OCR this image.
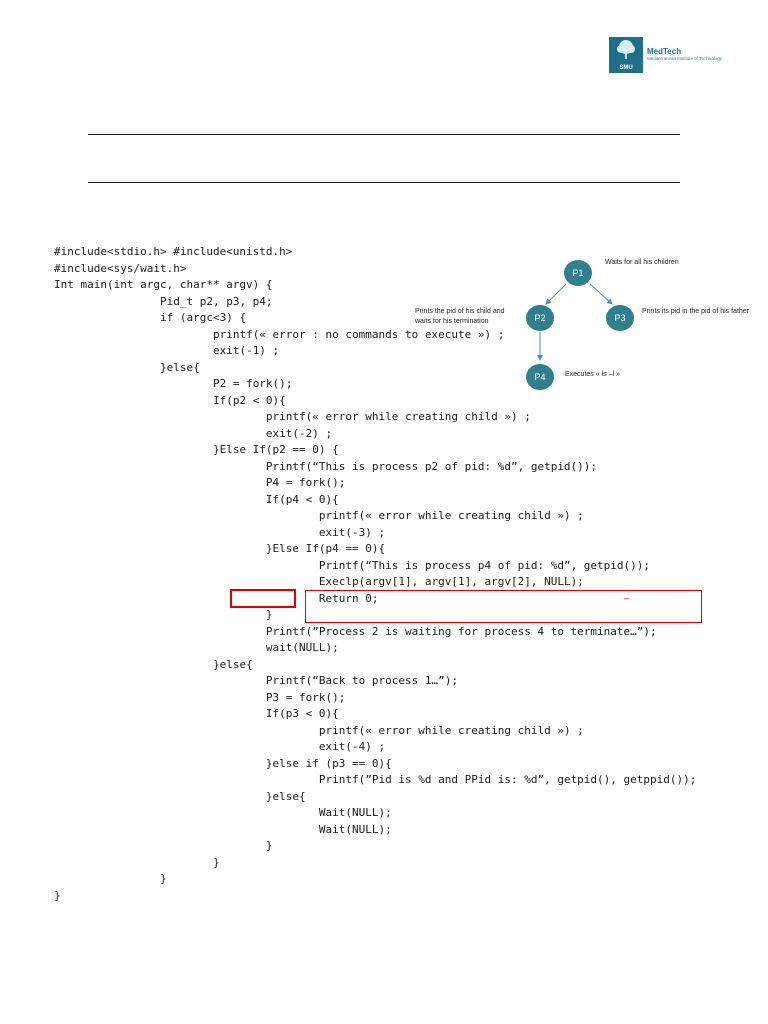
SMU
MedTech
Mediterranean Institute of Technology
#include<stdio.h> #include<unistd.h>
#include<sys/wait.h>
Int main(int argc, char** argv) {
		Pid_t p2, p3, p4;
		if (argc<3) {
			printf(« error : no commands to execute ») ;
			exit(-1) ;
		}else{
			P2 = fork();
			If(p2 < 0){
				printf(« error while creating child ») ;
				exit(-2) ;
			}Else If(p2 == 0) {
				Printf(“This is process p2 of pid: %d”, getpid());
				P4 = fork();
				If(p4 < 0){
					printf(« error while creating child ») ;
					exit(-3) ;
				}Else If(p4 == 0){
					Printf(“This is process p4 of pid: %d”, getpid());
					Execlp(argv[1], argv[1], argv[2], NULL);
					Return 0;
				}
				Printf(”Process 2 is waiting for process 4 to terminate…”);
				wait(NULL);
			}else{
				Printf(“Back to process 1…”);
				P3 = fork();
				If(p3 < 0){
					printf(« error while creating child ») ;
					exit(-4) ;
				}else if (p3 == 0){
					Printf(”Pid is %d and PPid is: %d”, getpid(), getppid());
				}else{
					Wait(NULL);
					Wait(NULL);
				}
			}
		}
}
–
P1
P2	P3
P4
Waits for all his children
Prints the pid of his child and
waits for his termination
Prints its pid in the pid of his father
Executes « ls –l »
